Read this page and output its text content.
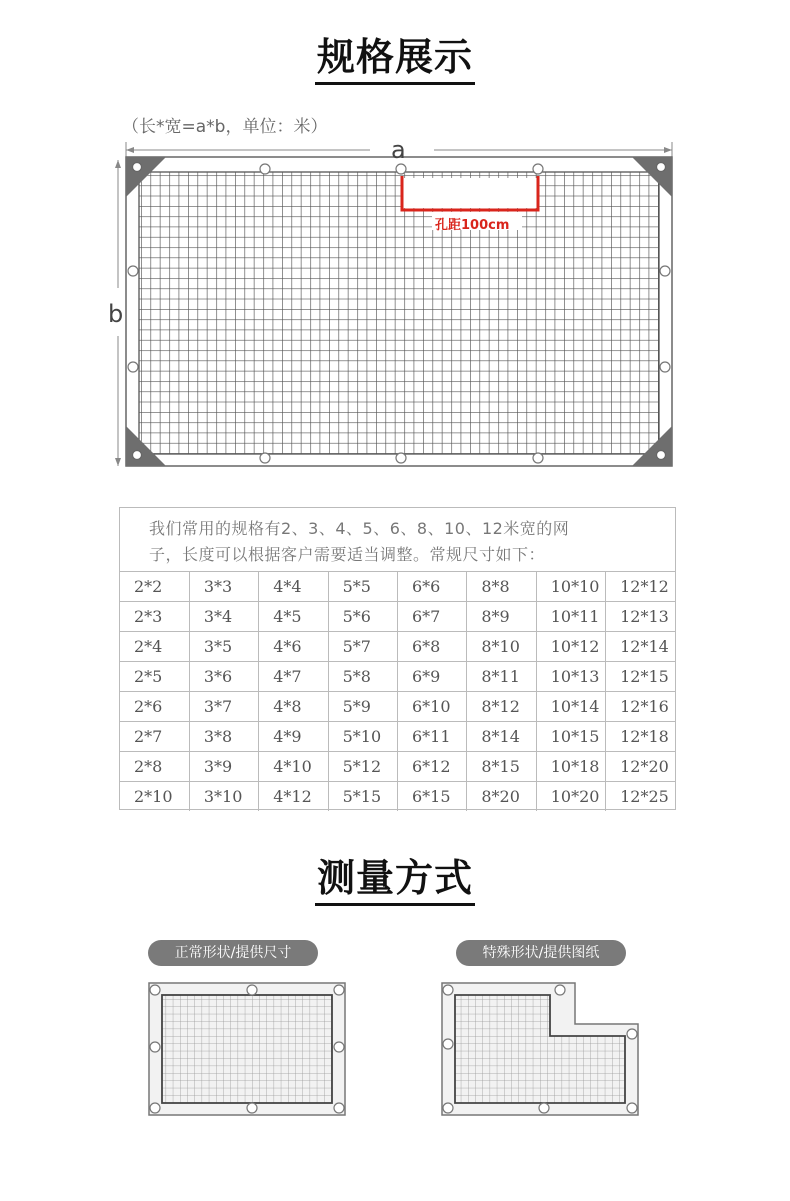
规格展示
（长*宽=a*b，单位：米）
a
b
孔距100cm
我们常用的规格有2、3、4、5、6、8、10、12米宽的网
子，长度可以根据客户需要适当调整。常规尺寸如下：
2*2	3*3	4*4	5*5	6*6	8*8	10*10	12*12
2*3	3*4	4*5	5*6	6*7	8*9	10*11	12*13
2*4	3*5	4*6	5*7	6*8	8*10	10*12	12*14
2*5	3*6	4*7	5*8	6*9	8*11	10*13	12*15
2*6	3*7	4*8	5*9	6*10	8*12	10*14	12*16
2*7	3*8	4*9	5*10	6*11	8*14	10*15	12*18
2*8	3*9	4*10	5*12	6*12	8*15	10*18	12*20
2*10	3*10	4*12	5*15	6*15	8*20	10*20	12*25
测量方式
正常形状/提供尺寸	特殊形状/提供图纸
